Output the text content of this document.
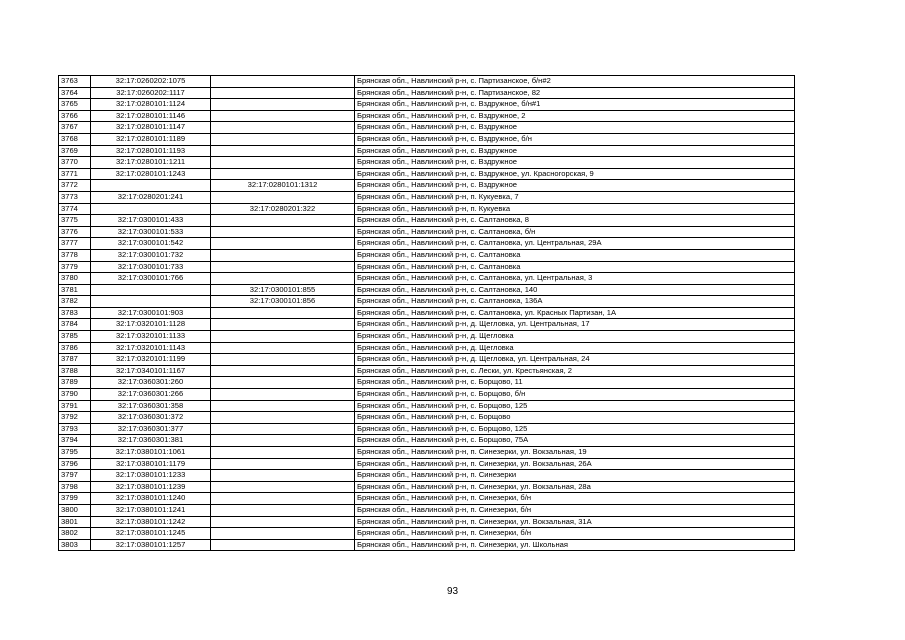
3763	32:17:0260202:1075		Брянская обл., Навлинский р-н, с. Партизанское, б/н#2
3764	32:17:0260202:1117		Брянская обл., Навлинский р-н, с. Партизанское, 82
3765	32:17:0280101:1124		Брянская обл., Навлинский р-н, с. Вздружное, б/н#1
3766	32:17:0280101:1146		Брянская обл., Навлинский р-н, с. Вздружное, 2
3767	32:17:0280101:1147		Брянская обл., Навлинский р-н, с. Вздружное
3768	32:17:0280101:1189		Брянская обл., Навлинский р-н, с. Вздружное, б/н
3769	32:17:0280101:1193		Брянская обл., Навлинский р-н, с. Вздружное
3770	32:17:0280101:1211		Брянская обл., Навлинский р-н, с. Вздружное
3771	32:17:0280101:1243		Брянская обл., Навлинский р-н, с. Вздружное, ул. Красногорская, 9
3772		32:17:0280101:1312	Брянская обл., Навлинский р-н, с. Вздружное
3773	32:17:0280201:241		Брянская обл., Навлинский р-н, п. Кукуевка, 7
3774		32:17:0280201:322	Брянская обл., Навлинский р-н, п. Кукуевка
3775	32:17:0300101:433		Брянская обл., Навлинский р-н, с. Салтановка, 8
3776	32:17:0300101:533		Брянская обл., Навлинский р-н, с. Салтановка, б/н
3777	32:17:0300101:542		Брянская обл., Навлинский р-н, с. Салтановка, ул. Центральная, 29А
3778	32:17:0300101:732		Брянская обл., Навлинский р-н, с. Салтановка
3779	32:17:0300101:733		Брянская обл., Навлинский р-н, с. Салтановка
3780	32:17:0300101:766		Брянская обл., Навлинский р-н, с. Салтановка, ул. Центральная, 3
3781		32:17:0300101:855	Брянская обл., Навлинский р-н, с. Салтановка, 140
3782		32:17:0300101:856	Брянская обл., Навлинский р-н, с. Салтановка, 136А
3783	32:17:0300101:903		Брянская обл., Навлинский р-н, с. Салтановка, ул. Красных Партизан, 1А
3784	32:17:0320101:1128		Брянская обл., Навлинский р-н, д. Щегловка, ул. Центральная, 17
3785	32:17:0320101:1133		Брянская обл., Навлинский р-н, д. Щегловка
3786	32:17:0320101:1143		Брянская обл., Навлинский р-н, д. Щегловка
3787	32:17:0320101:1199		Брянская обл., Навлинский р-н, д. Щегловка, ул. Центральная, 24
3788	32:17:0340101:1167		Брянская обл., Навлинский р-н, с. Лески, ул. Крестьянская, 2
3789	32:17:0360301:260		Брянская обл., Навлинский р-н, с. Борщово, 11
3790	32:17:0360301:266		Брянская обл., Навлинский р-н, с. Борщово, б/н
3791	32:17:0360301:358		Брянская обл., Навлинский р-н, с. Борщово, 125
3792	32:17:0360301:372		Брянская обл., Навлинский р-н, с. Борщово
3793	32:17:0360301:377		Брянская обл., Навлинский р-н, с. Борщово, 125
3794	32:17:0360301:381		Брянская обл., Навлинский р-н, с. Борщово, 75А
3795	32:17:0380101:1061		Брянская обл., Навлинский р-н, п. Синезерки, ул. Вокзальная, 19
3796	32:17:0380101:1179		Брянская обл., Навлинский р-н, п. Синезерки, ул. Вокзальная, 26А
3797	32:17:0380101:1233		Брянская обл., Навлинский р-н, п. Синезерки
3798	32:17:0380101:1239		Брянская обл., Навлинский р-н, п. Синезерки, ул. Вокзальная, 28а
3799	32:17:0380101:1240		Брянская обл., Навлинский р-н, п. Синезерки, б/н
3800	32:17:0380101:1241		Брянская обл., Навлинский р-н, п. Синезерки, б/н
3801	32:17:0380101:1242		Брянская обл., Навлинский р-н, п. Синезерки, ул. Вокзальная, 31А
3802	32:17:0380101:1245		Брянская обл., Навлинский р-н, п. Синезерки, б/н
3803	32:17:0380101:1257		Брянская обл., Навлинский р-н, п. Синезерки, ул. Школьная
93
